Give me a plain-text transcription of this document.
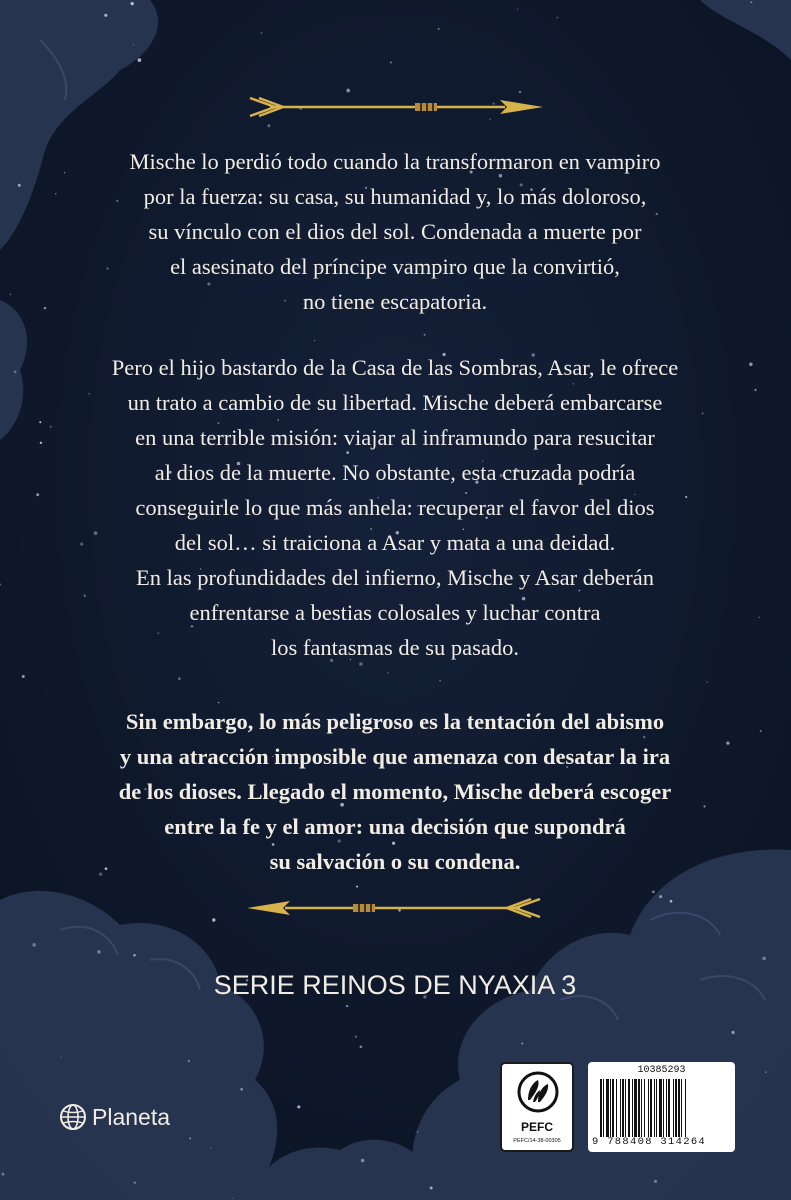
Mische lo perdió todo cuando la transformaron en vampiro
por la fuerza: su casa, su humanidad y, lo más doloroso,
su vínculo con el dios del sol. Condenada a muerte por
el asesinato del príncipe vampiro que la convirtió,
no tiene escapatoria.
Pero el hijo bastardo de la Casa de las Sombras, Asar, le ofrece
un trato a cambio de su libertad. Mische deberá embarcarse
en una terrible misión: viajar al inframundo para resucitar
al dios de la muerte. No obstante, esta cruzada podría
conseguirle lo que más anhela: recuperar el favor del dios
del sol… si traiciona a Asar y mata a una deidad.
En las profundidades del infierno, Mische y Asar deberán
enfrentarse a bestias colosales y luchar contra
los fantasmas de su pasado.
Sin embargo, lo más peligroso es la tentación del abismo
y una atracción imposible que amenaza con desatar la ira
de los dioses. Llegado el momento, Mische deberá escoger
entre la fe y el amor: una decisión que supondrá
su salvación o su condena.
SERIE REINOS DE NYAXIA 3
Planeta	PEFC
PEFC/14-38-00305
10385293
9 788408 314264
